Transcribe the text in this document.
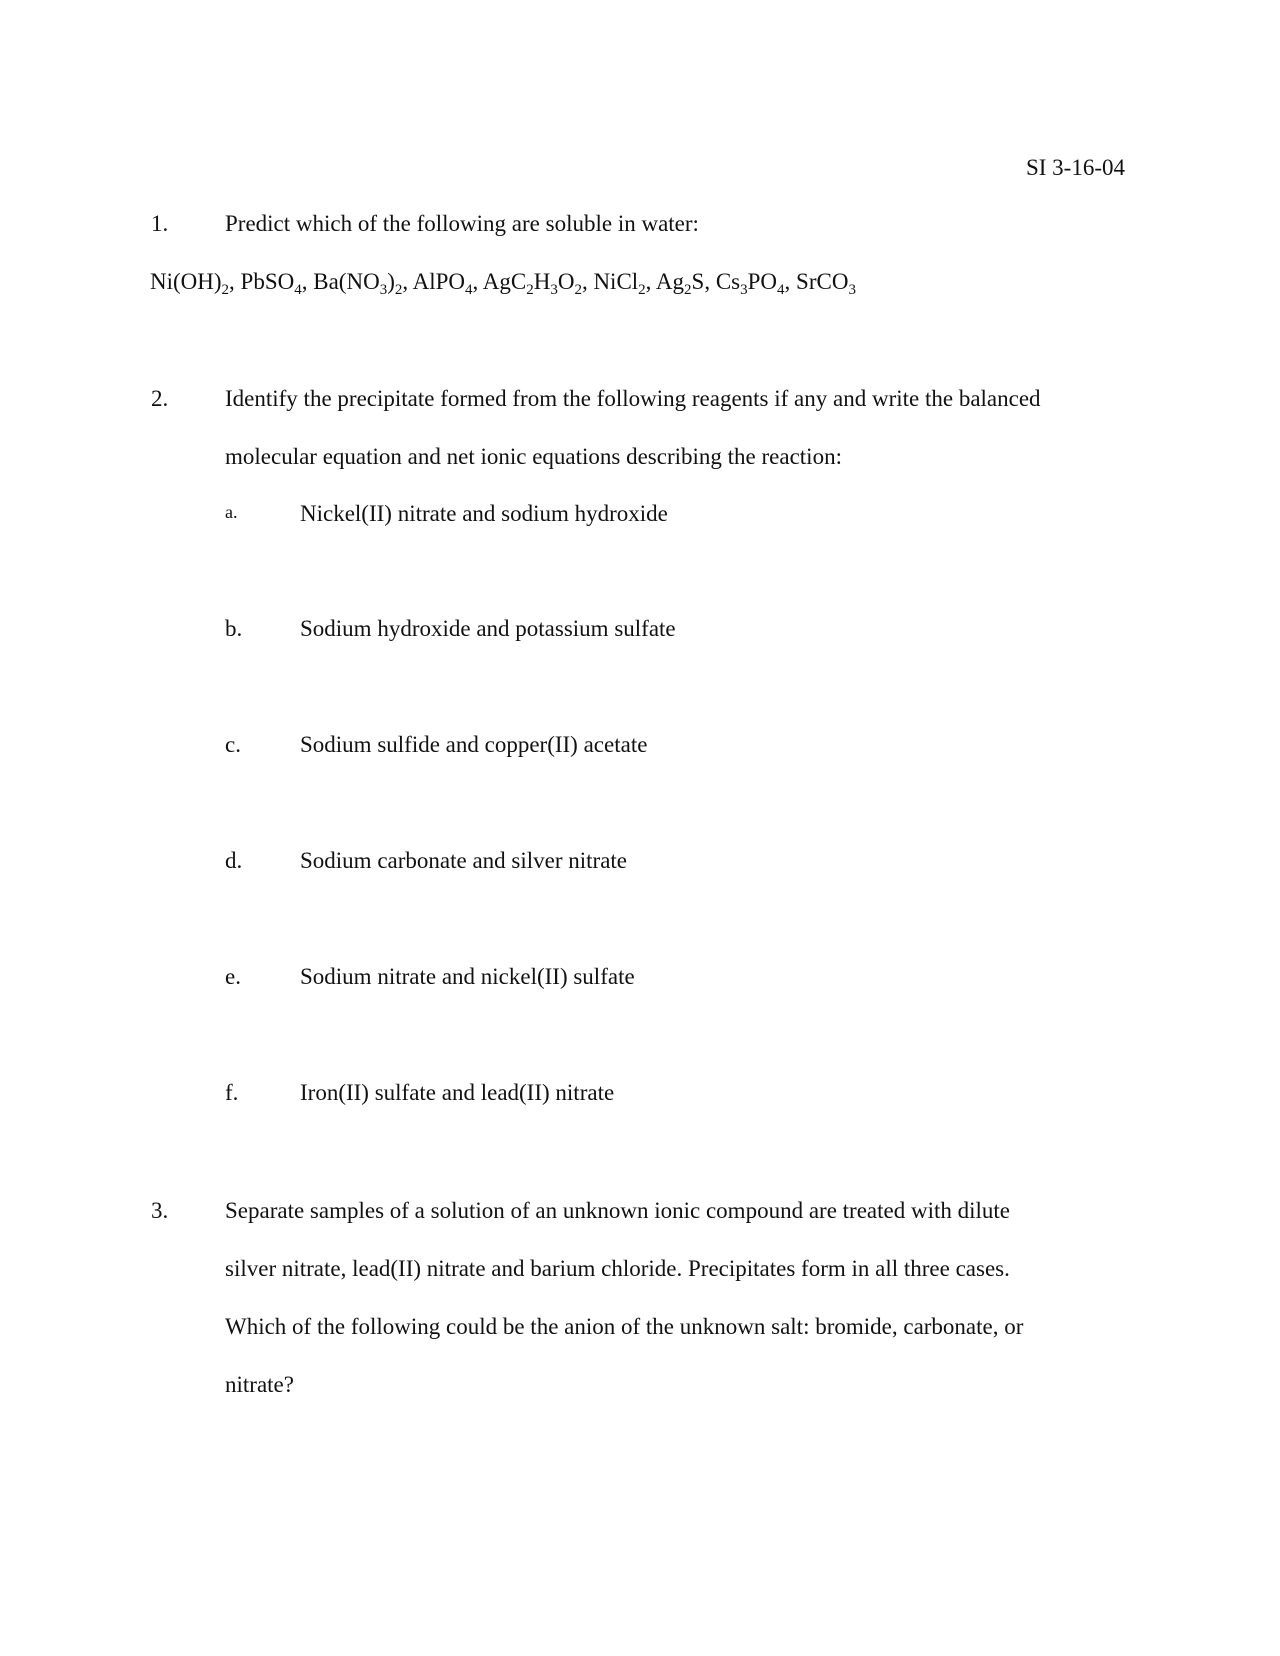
SI 3-16-04
1. Predict which of the following are soluble in water:
$Ni(OH)_2$, PbSO$_4$, $Ba(NO_3)_2$, AlPO$_4$, $AgC_2H_3O_2$, NiCl$_2$, $Ag_2S$, $Cs_3PO_4$, SrCO$_3$
2. Identify the precipitate formed from the following reagents if any and write the balanced
molecular equation and net ionic equations describing the reaction:
a.	Nickel(II) nitrate and sodium hydroxide
b.	Sodium hydroxide and potassium sulfate
c.	Sodium sulfide and copper(II) acetate
d.	Sodium carbonate and silver nitrate
e.	Sodium nitrate and nickel(II) sulfate
f.	Iron(II) sulfate and lead(II) nitrate
3. Separate samples of a solution of an unknown ionic compound are treated with dilute
silver nitrate, lead(II) nitrate and barium chloride. Precipitates form in all three cases.
Which of the following could be the anion of the unknown salt: bromide, carbonate, or
nitrate?
